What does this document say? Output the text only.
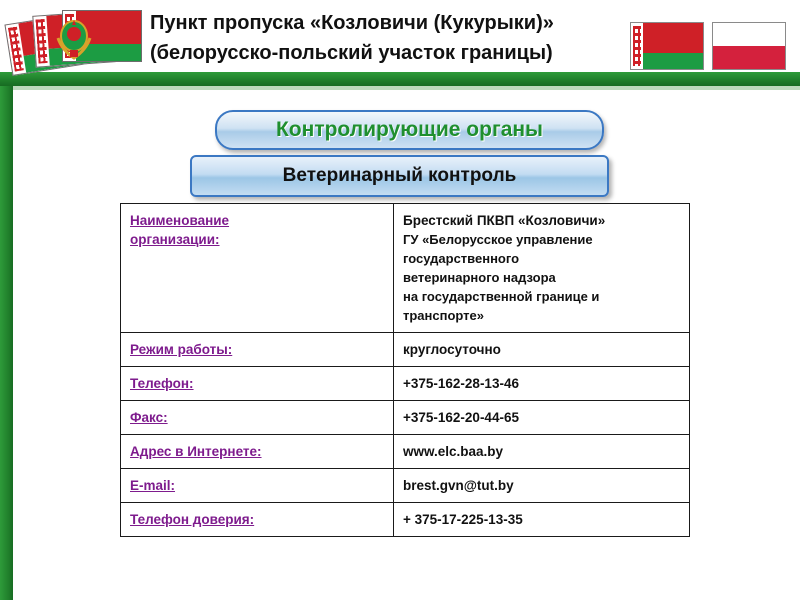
Пункт пропуска «Козловичи (Кукурыки)»
(белорусско-польский участок границы)
Контролирующие органы
Ветеринарный контроль
Наименование
организации:	Брестский ПКВП «Козловичи»
ГУ «Белорусское управление государственного
ветеринарного надзора
на государственной границе и транспорте»

Режим работы:	круглосуточно

Телефон:	+375-162-28-13-46

Факс:	+375-162-20-44-65

Адрес в Интернете:	www.elc.baa.by

E-mail:	brest.gvn@tut.by

Телефон доверия:	+ 375-17-225-13-35
